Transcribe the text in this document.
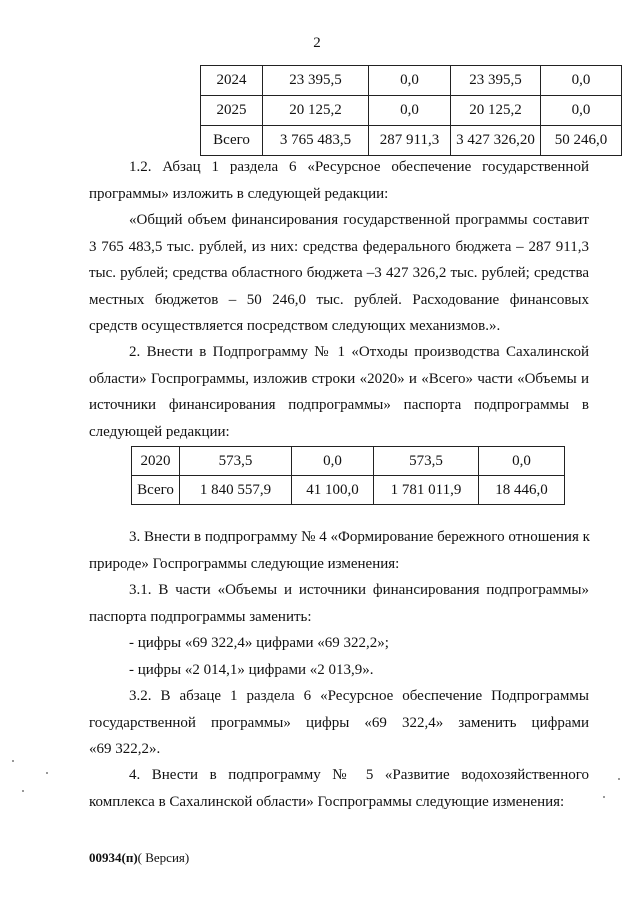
2
2024	23 395,5	0,0	23 395,5	0,0
2025	20 125,2	0,0	20 125,2	0,0
Всего	3 765 483,5	287 911,3	3 427 326,20	50 246,0
1.2. Абзац 1 раздела 6 «Ресурсное обеспечение государственной
программы» изложить в следующей редакции:
«Общий объем финансирования государственной программы составит
3 765 483,5 тыс. рублей, из них: средства федерального бюджета – 287 911,3
тыс. рублей; средства областного бюджета –3 427 326,2 тыс. рублей; средства
местных бюджетов – 50 246,0 тыс. рублей. Расходование финансовых
средств осуществляется посредством следующих механизмов.».
2. Внести в Подпрограмму № 1 «Отходы производства Сахалинской
области» Госпрограммы, изложив строки «2020» и «Всего» части «Объемы и
источники финансирования подпрограммы» паспорта подпрограммы в
следующей редакции:
2020	573,5	0,0	573,5	0,0
Всего	1 840 557,9	41 100,0	1 781 011,9	18 446,0
3. Внести в подпрограмму № 4 «Формирование бережного отношения к
природе» Госпрограммы следующие изменения:
3.1. В части «Объемы и источники финансирования подпрограммы»
паспорта подпрограммы заменить:
- цифры «69 322,4» цифрами «69 322,2»;
- цифры «2 014,1» цифрами «2 013,9».
3.2. В абзаце 1 раздела 6 «Ресурсное обеспечение Подпрограммы
государственной программы» цифры «69 322,4» заменить цифрами
«69 322,2».
4. Внести в подпрограмму № 5 «Развитие водохозяйственного
комплекса в Сахалинской области» Госпрограммы следующие изменения:
00934(п)( Версия)
